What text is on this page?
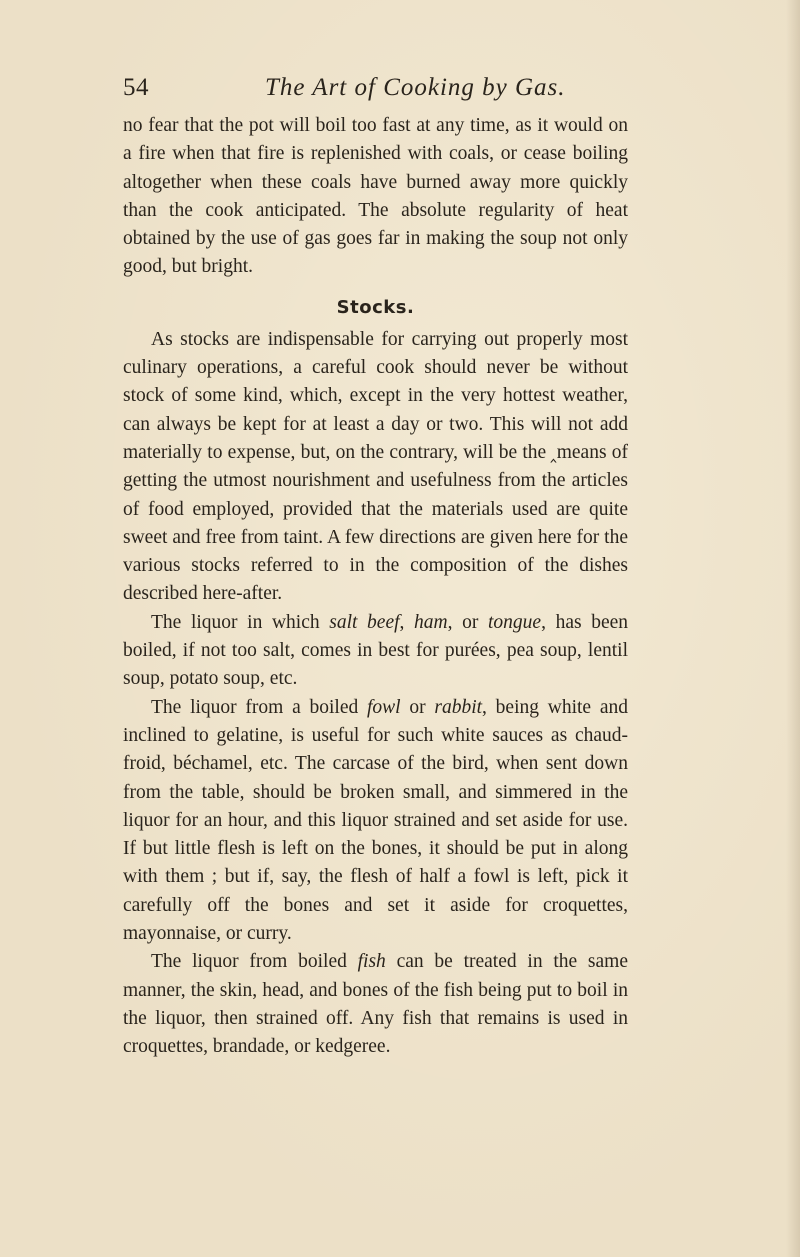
54	The Art of Cooking by Gas.

no fear that the pot will boil too fast at any time, as it would on a fire when that fire is replenished with coals, or cease boiling altogether when these coals have burned away more quickly than the cook anticipated. The absolute regularity of heat obtained by the use of gas goes far in making the soup not only good, but bright.

Stocks.

As stocks are indispensable for carrying out properly most culinary operations, a careful cook should never be without stock of some kind, which, except in the very hottest weather, can always be kept for at least a day or two. This will not add materially to expense, but, on the contrary, will be the ‸means of getting the utmost nourishment and usefulness from the articles of food employed, provided that the materials used are quite sweet and free from taint. A few directions are given here for the various stocks referred to in the composition of the dishes described here-after.

The liquor in which salt beef, ham, or tongue, has been boiled, if not too salt, comes in best for purées, pea soup, lentil soup, potato soup, etc.

The liquor from a boiled fowl or rabbit, being white and inclined to gelatine, is useful for such white sauces as chaud-froid, béchamel, etc. The carcase of the bird, when sent down from the table, should be broken small, and simmered in the liquor for an hour, and this liquor strained and set aside for use. If but little flesh is left on the bones, it should be put in along with them ; but if, say, the flesh of half a fowl is left, pick it carefully off the bones and set it aside for croquettes, mayonnaise, or curry.

The liquor from boiled fish can be treated in the same manner, the skin, head, and bones of the fish being put to boil in the liquor, then strained off. Any fish that remains is used in croquettes, brandade, or kedgeree.
